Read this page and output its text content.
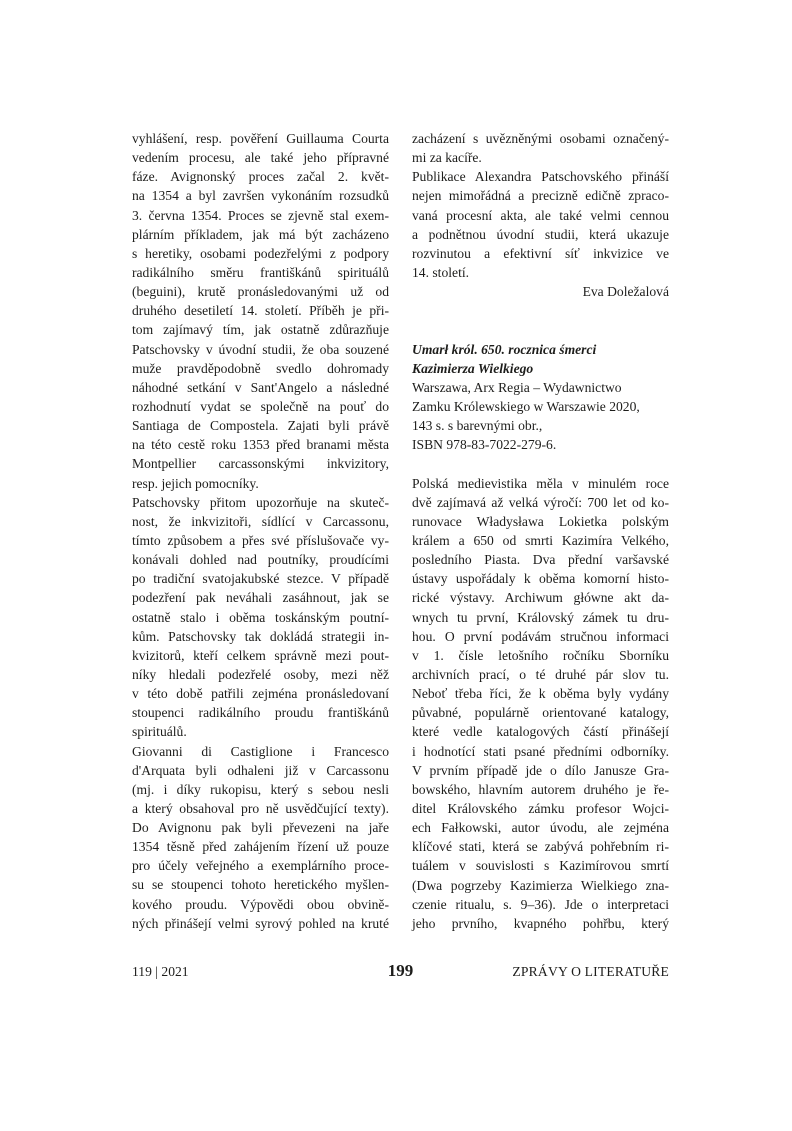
vyhlášení, resp. pověření Guillauma Courta
vedením procesu, ale také jeho přípravné
fáze. Avignonský proces začal 2. květ-
na 1354 a byl završen vykonáním rozsudků
3. června 1354. Proces se zjevně stal exem-
plárním příkladem, jak má být zacházeno
s heretiky, osobami podezřelými z podpory
radikálního směru františkánů spirituálů
(beguini), krutě pronásledovanými už od
druhého desetiletí 14. století. Příběh je při-
tom zajímavý tím, jak ostatně zdůrazňuje
Patschovsky v úvodní studii, že oba souzené
muže pravděpodobně svedlo dohromady
náhodné setkání v Sant'Angelo a následné
rozhodnutí vydat se společně na pouť do
Santiaga de Compostela. Zajati byli právě
na této cestě roku 1353 před branami města
Montpellier carcassonskými inkvizitory,
resp. jejich pomocníky.
Patschovsky přitom upozorňuje na skuteč-
nost, že inkvizitoři, sídlící v Carcassonu,
tímto způsobem a přes své příslušovače vy-
konávali dohled nad poutníky, proudícími
po tradiční svatojakubské stezce. V případě
podezření pak neváhali zasáhnout, jak se
ostatně stalo i oběma toskánským poutní-
kům. Patschovsky tak dokládá strategii in-
kvizitorů, kteří celkem správně mezi pout-
níky hledali podezřelé osoby, mezi něž
v této době patřili zejména pronásledovaní
stoupenci radikálního proudu františkánů
spirituálů.
Giovanni di Castiglione i Francesco
d'Arquata byli odhaleni již v Carcassonu
(mj. i díky rukopisu, který s sebou nesli
a který obsahoval pro ně usvědčující texty).
Do Avignonu pak byli převezeni na jaře
1354 těsně před zahájením řízení už pouze
pro účely veřejného a exemplárního proce-
su se stoupenci tohoto heretického myšlen-
kového proudu. Výpovědi obou obvině-
ných přinášejí velmi syrový pohled na kruté
zacházení s uvězněnými osobami označený-
mi za kacíře.
Publikace Alexandra Patschovského přináší
nejen mimořádná a precizně edičně zpraco-
vaná procesní akta, ale také velmi cennou
a podnětnou úvodní studii, která ukazuje
rozvinutou a efektivní síť inkvizice ve
14. století.
Eva Doležalová
Umarł król. 650. rocznica śmerci
Kazimierza Wielkiego
Warszawa, Arx Regia – Wydawnictwo
Zamku Królewskiego w Warszawie 2020,
143 s. s barevnými obr.,
ISBN 978-83-7022-279-6.
Polská medievistika měla v minulém roce
dvě zajímavá až velká výročí: 700 let od ko-
runovace Władysława Lokietka polským
králem a 650 od smrti Kazimíra Velkého,
posledního Piasta. Dva přední varšavské
ústavy uspořádaly k oběma komorní histo-
rické výstavy. Archiwum główne akt da-
wnych tu první, Královský zámek tu dru-
hou. O první podávám stručnou informaci
v 1. čísle letošního ročníku Sborníku
archivních prací, o té druhé pár slov tu.
Neboť třeba říci, že k oběma byly vydány
půvabné, populárně orientované katalogy,
které vedle katalogových částí přinášejí
i hodnotící stati psané předními odborníky.
V prvním případě jde o dílo Janusze Gra-
bowského, hlavním autorem druhého je ře-
ditel Královského zámku profesor Wojci-
ech Fałkowski, autor úvodu, ale zejména
klíčové stati, která se zabývá pohřebním ri-
tuálem v souvislosti s Kazimírovou smrtí
(Dwa pogrzeby Kazimierza Wielkiego zna-
czenie ritualu, s. 9–36). Jde o interpretaci
jeho prvního, kvapného pohřbu, který
119 | 2021	199	ZPRÁVY O LITERATUŘE
